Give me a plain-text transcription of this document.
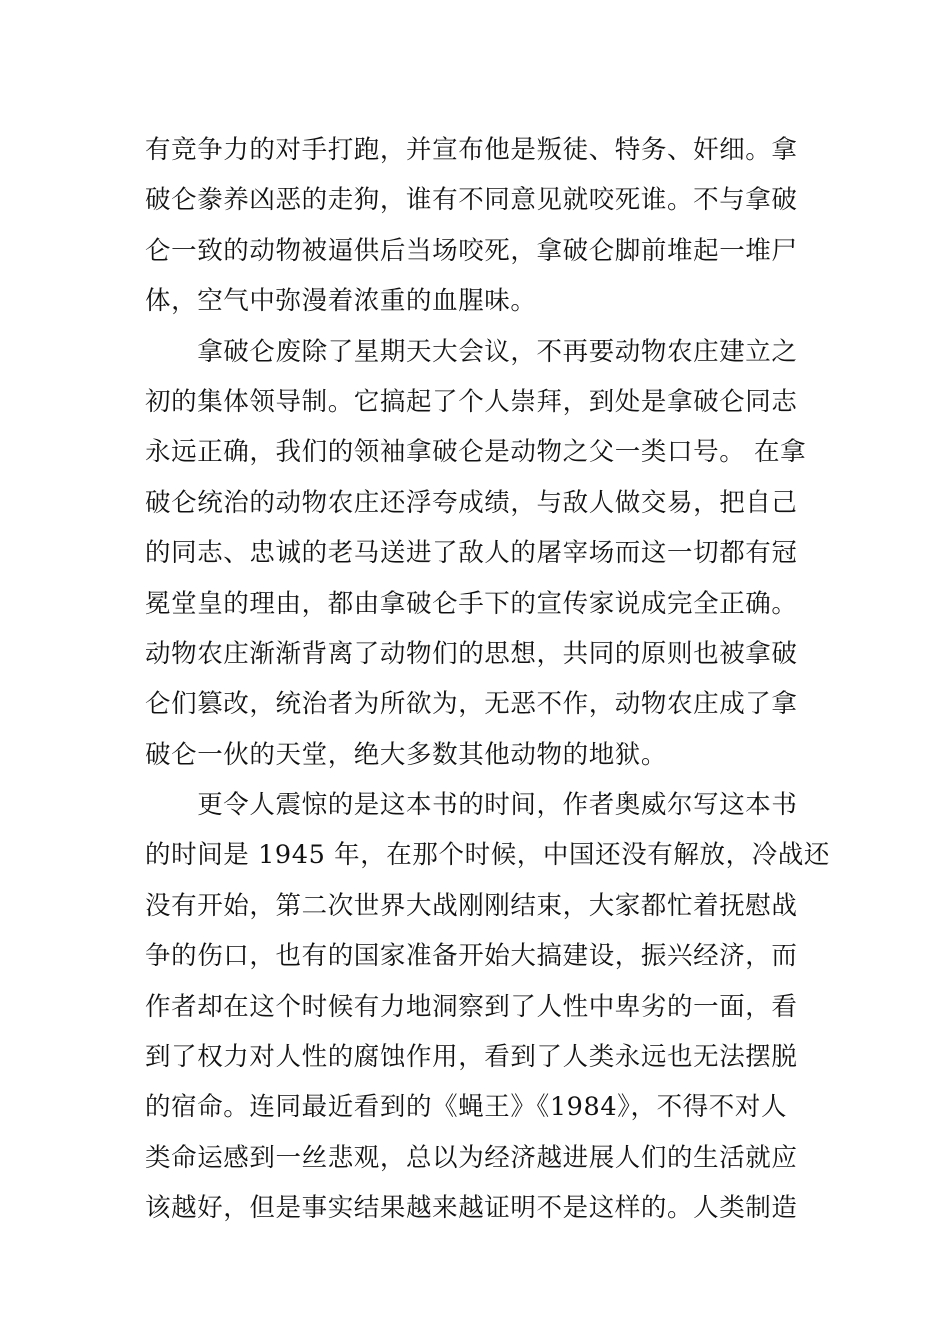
有竞争力的对手打跑，并宣布他是叛徒、特务、奸细。拿
破仑豢养凶恶的走狗，谁有不同意见就咬死谁。不与拿破
仑一致的动物被逼供后当场咬死，拿破仑脚前堆起一堆尸
体，空气中弥漫着浓重的血腥味。
　　拿破仑废除了星期天大会议，不再要动物农庄建立之
初的集体领导制。它搞起了个人崇拜，到处是拿破仑同志
永远正确，我们的领袖拿破仑是动物之父一类口号。 在拿
破仑统治的动物农庄还浮夸成绩，与敌人做交易，把自己
的同志、忠诚的老马送进了敌人的屠宰场而这一切都有冠
冕堂皇的理由，都由拿破仑手下的宣传家说成完全正确。
动物农庄渐渐背离了动物们的思想，共同的原则也被拿破
仑们篡改，统治者为所欲为，无恶不作，动物农庄成了拿
破仑一伙的天堂，绝大多数其他动物的地狱。
　　更令人震惊的是这本书的时间，作者奥威尔写这本书
的时间是 1945 年，在那个时候，中国还没有解放，冷战还
没有开始，第二次世界大战刚刚结束，大家都忙着抚慰战
争的伤口，也有的国家准备开始大搞建设，振兴经济，而
作者却在这个时候有力地洞察到了人性中卑劣的一面，看
到了权力对人性的腐蚀作用，看到了人类永远也无法摆脱
的宿命。连同最近看到的《蝇王》《1984》，不得不对人
类命运感到一丝悲观，总以为经济越进展人们的生活就应
该越好，但是事实结果越来越证明不是这样的。人类制造
